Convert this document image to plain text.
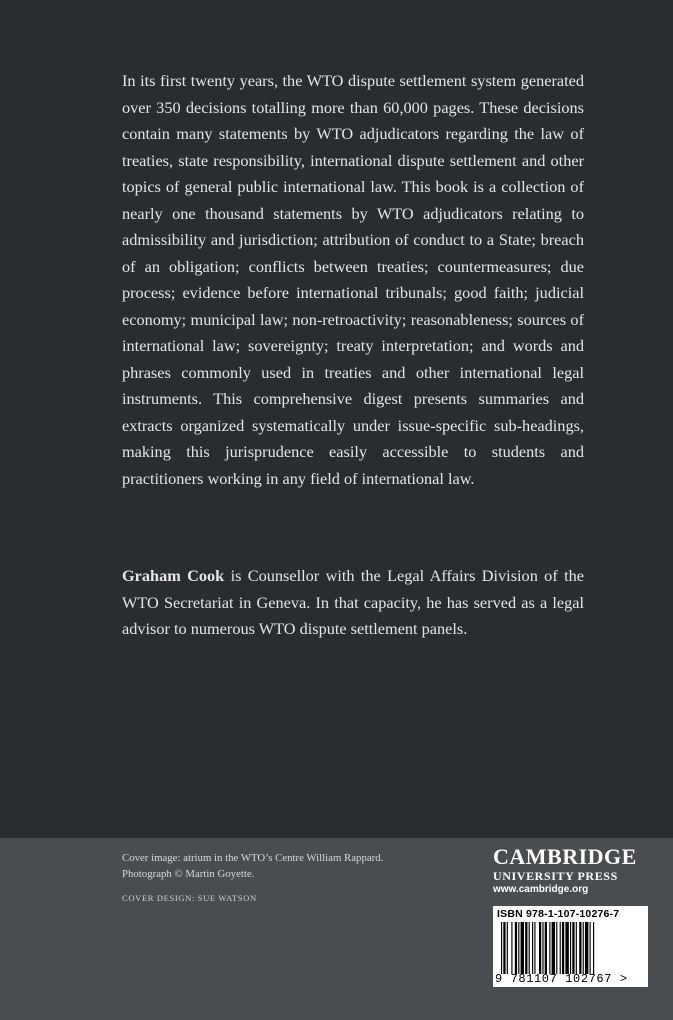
In its first twenty years, the WTO dispute settlement system generated over 350 decisions totalling more than 60,000 pages. These decisions contain many statements by WTO adjudicators regarding the law of treaties, state responsibility, international dispute settlement and other topics of general public international law. This book is a collection of nearly one thousand statements by WTO adjudicators relating to admissibility and jurisdiction; attribution of conduct to a State; breach of an obligation; conflicts between treaties; countermeasures; due process; evidence before international tribunals; good faith; judicial economy; municipal law; non-retroactivity; reasonableness; sources of international law; sovereignty; treaty interpretation; and words and phrases commonly used in treaties and other international legal instruments. This comprehensive digest presents summaries and extracts organized systematically under issue-specific sub-headings, making this jurisprudence easily accessible to students and practitioners working in any field of international law.

Graham Cook is Counsellor with the Legal Affairs Division of the WTO Secretariat in Geneva. In that capacity, he has served as a legal advisor to numerous WTO dispute settlement panels.

Cover image: atrium in the WTO’s Centre William Rappard.
Photograph © Martin Goyette.
COVER DESIGN: SUE WATSON
CAMBRIDGE
UNIVERSITY PRESS
www.cambridge.org
ISBN 978-1-107-10276-7
9 781107 102767 >
